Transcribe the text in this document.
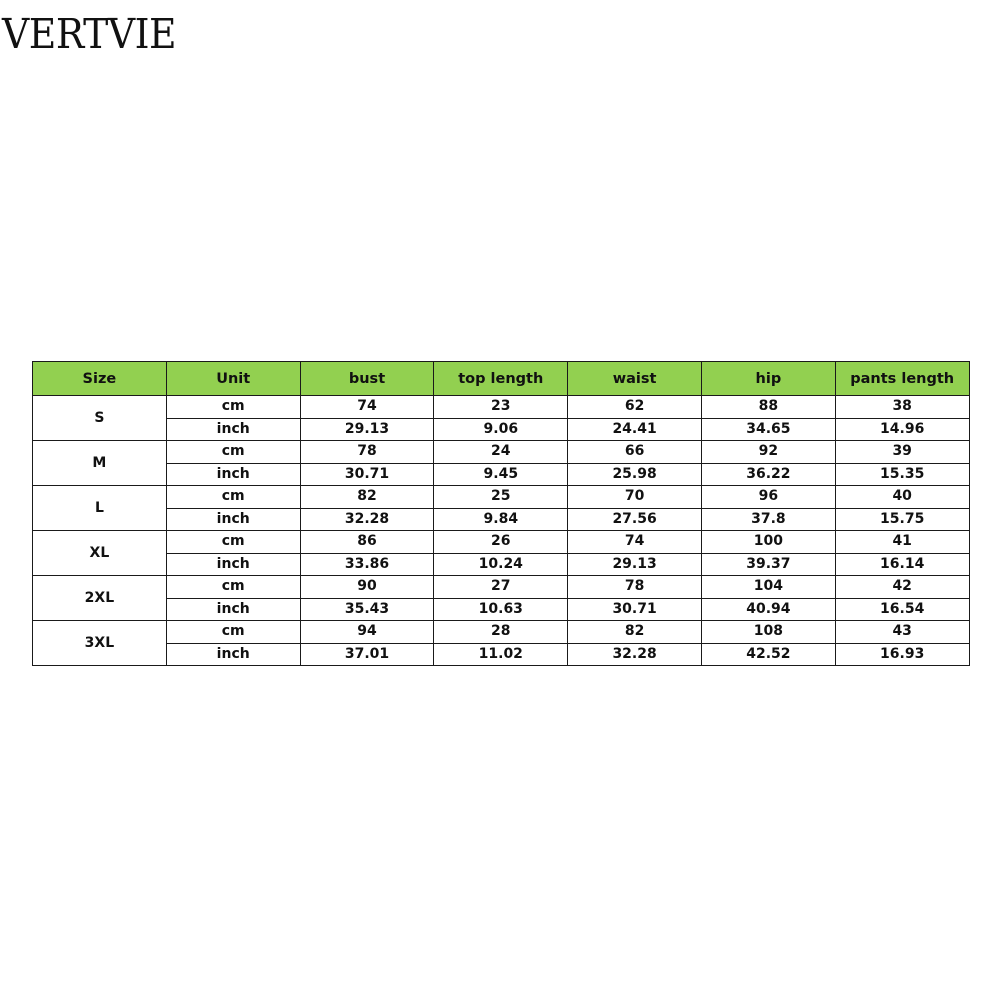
VERTVIE
Size	Unit	bust	top length	waist	hip	pants length
S	cm	74	23	62	88	38
	inch	29.13	9.06	24.41	34.65	14.96
M	cm	78	24	66	92	39
	inch	30.71	9.45	25.98	36.22	15.35
L	cm	82	25	70	96	40
	inch	32.28	9.84	27.56	37.8	15.75
XL	cm	86	26	74	100	41
	inch	33.86	10.24	29.13	39.37	16.14
2XL	cm	90	27	78	104	42
	inch	35.43	10.63	30.71	40.94	16.54
3XL	cm	94	28	82	108	43
	inch	37.01	11.02	32.28	42.52	16.93
